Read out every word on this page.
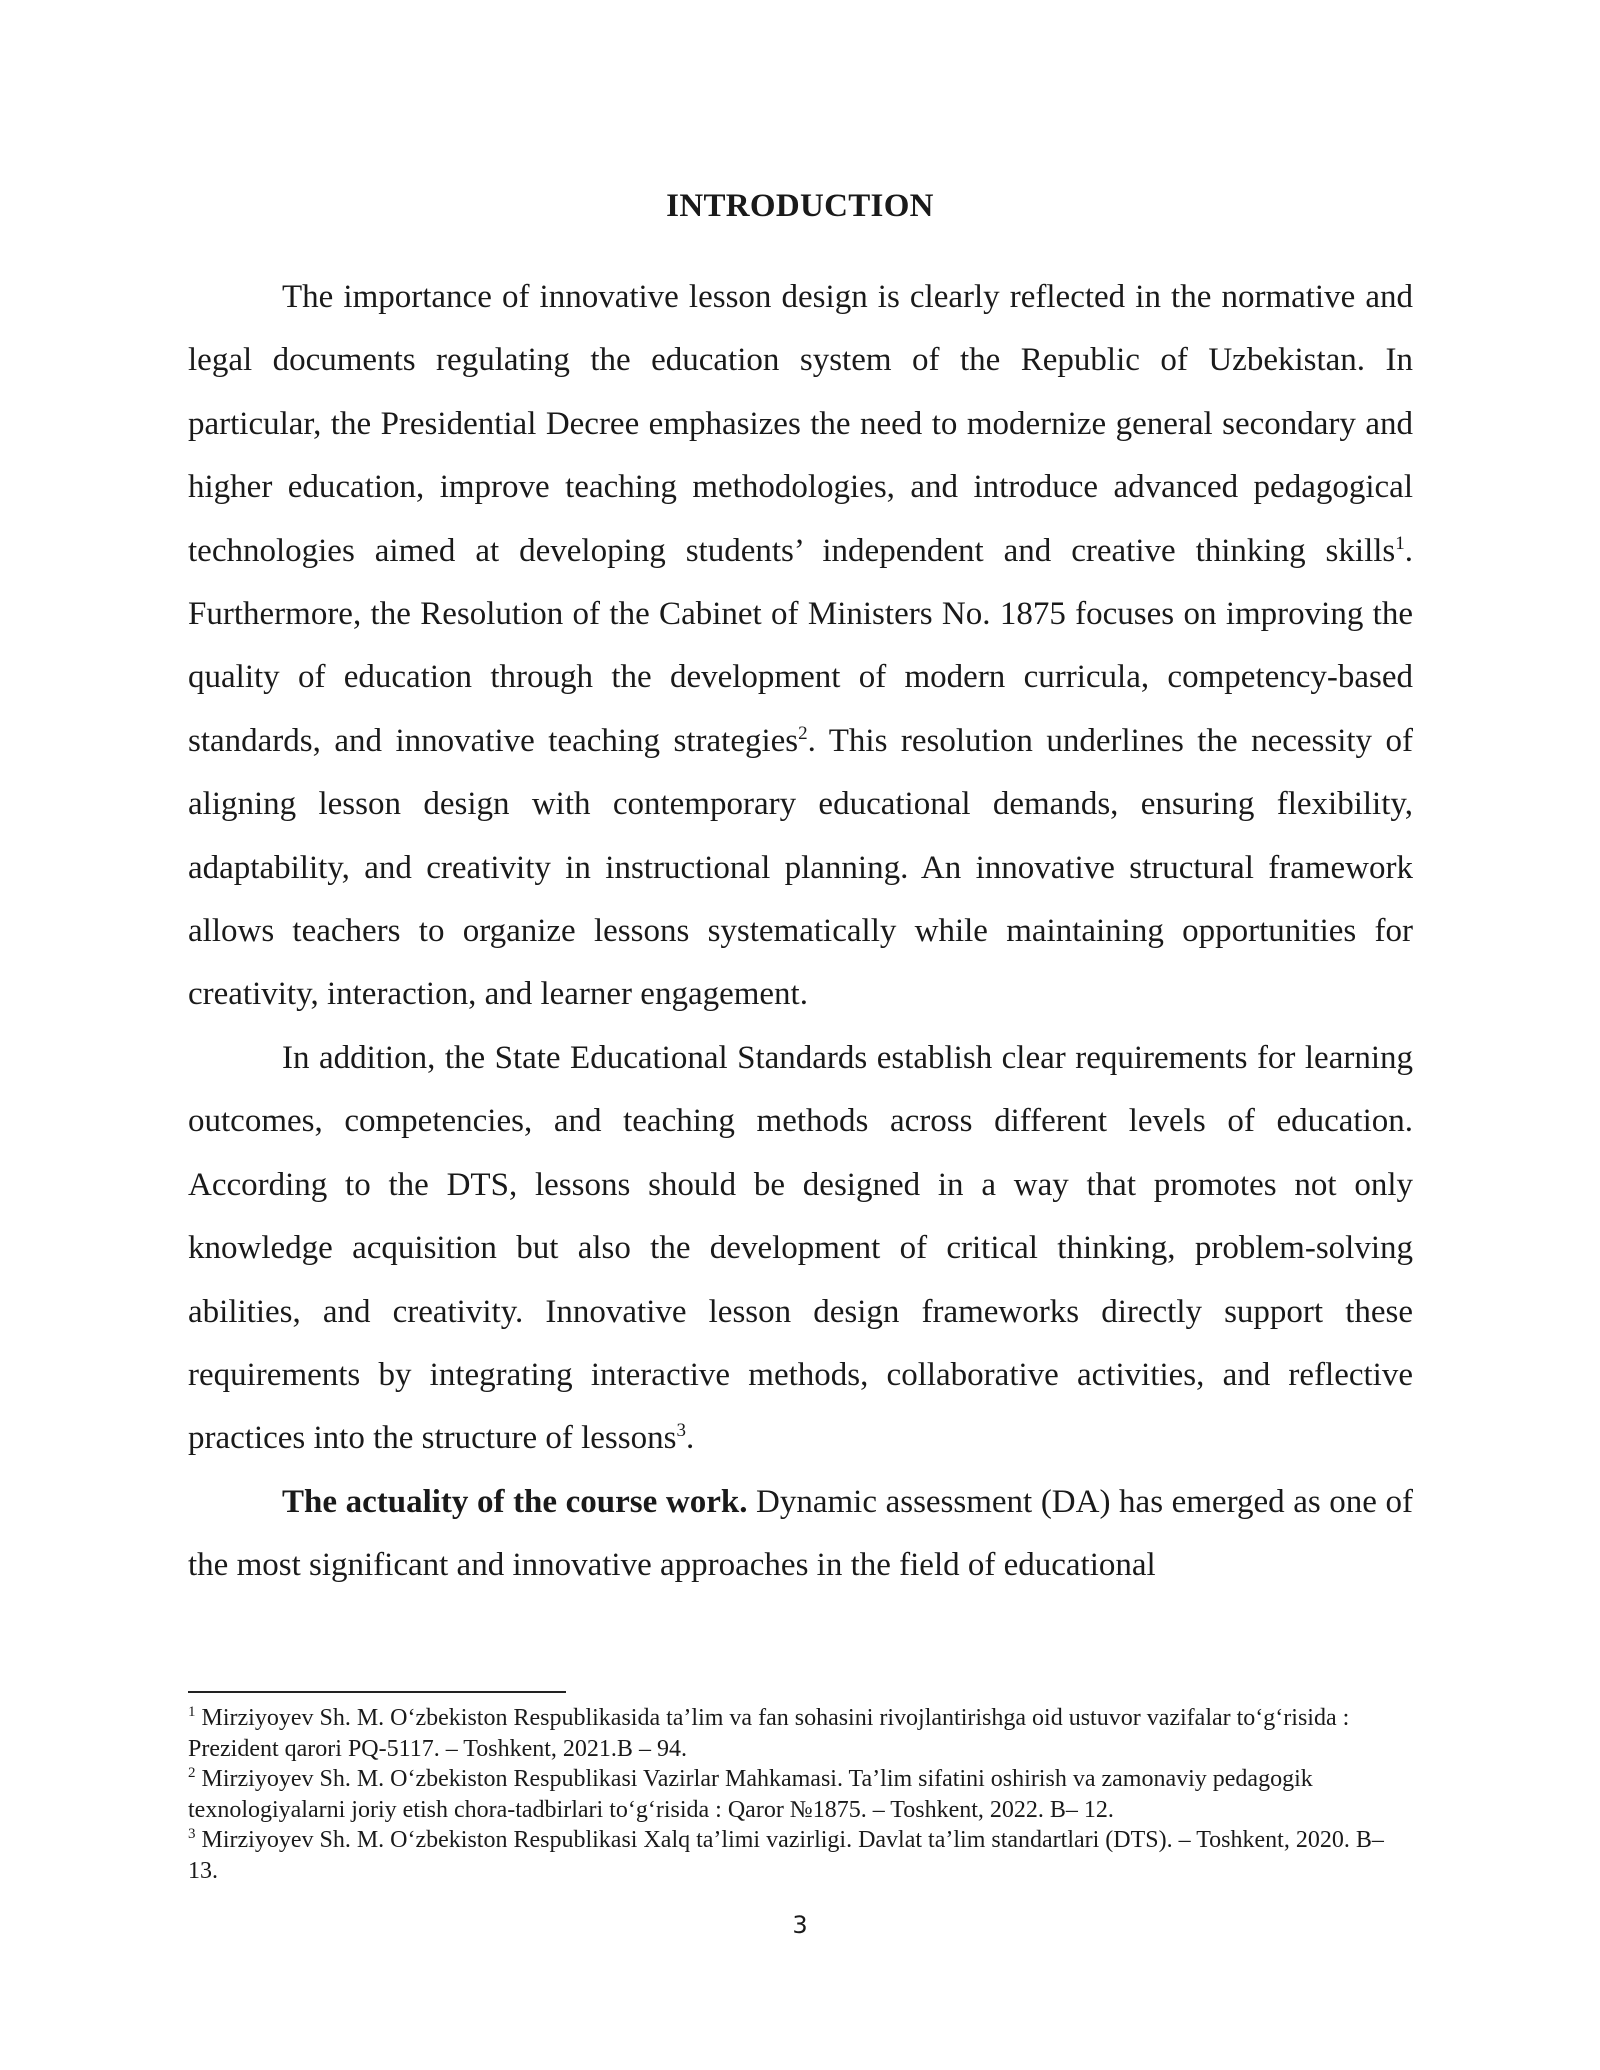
INTRODUCTION

The importance of innovative lesson design is clearly reflected in the normative and legal documents regulating the education system of the Republic of Uzbekistan. In particular, the Presidential Decree emphasizes the need to modernize general secondary and higher education, improve teaching methodologies, and introduce advanced pedagogical technologies aimed at developing students’ independent and creative thinking skills$^1$. Furthermore, the Resolution of the Cabinet of Ministers No. 1875 focuses on improving the quality of education through the development of modern curricula, competency-based standards, and innovative teaching strategies$^2$. This resolution underlines the necessity of aligning lesson design with contemporary educational demands, ensuring flexibility, adaptability, and creativity in instructional planning. An innovative structural framework allows teachers to organize lessons systematically while maintaining opportunities for creativity, interaction, and learner engagement.

In addition, the State Educational Standards establish clear requirements for learning outcomes, competencies, and teaching methods across different levels of education. According to the DTS, lessons should be designed in a way that promotes not only knowledge acquisition but also the development of critical thinking, problem-solving abilities, and creativity. Innovative lesson design frameworks directly support these requirements by integrating interactive methods, collaborative activities, and reflective practices into the structure of lessons$^3$.

The actuality of the course work. Dynamic assessment (DA) has emerged as one of the most significant and innovative approaches in the field of educational

$^1$ Mirziyoyev Sh. M. O‘zbekiston Respublikasida ta’lim va fan sohasini rivojlantirishga oid ustuvor vazifalar to‘g‘risida : Prezident qarori PQ-5117. – Toshkent, 2021.B – 94.

$^2$ Mirziyoyev Sh. M. O‘zbekiston Respublikasi Vazirlar Mahkamasi. Ta’lim sifatini oshirish va zamonaviy pedagogik texnologiyalarni joriy etish chora-tadbirlari to‘g‘risida : Qaror №1875. – Toshkent, 2022. B– 12.

$^3$ Mirziyoyev Sh. M. O‘zbekiston Respublikasi Xalq ta’limi vazirligi. Davlat ta’lim standartlari (DTS). – Toshkent, 2020. B– 13.

3
